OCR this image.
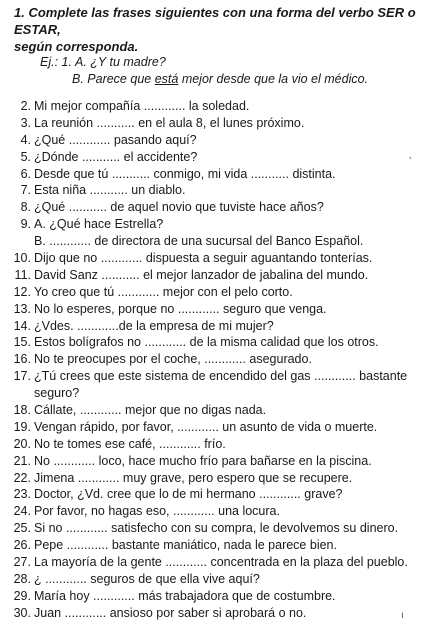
1. Complete las frases siguientes con una forma del verbo SER o ESTAR,
según corresponda.
Ej.: 1. A. ¿Y tu madre?
B. Parece que está mejor desde que la vio el médico.
2. Mi mejor compañía ............ la soledad.
3. La reunión ........... en el aula 8, el lunes próximo.
4. ¿Qué ............ pasando aquí?
5. ¿Dónde ........... el accidente?
6. Desde que tú ........... conmigo, mi vida ........... distinta.
7. Esta niña ........... un diablo.
8. ¿Qué ........... de aquel novio que tuviste hace años?
9. A. ¿Qué hace Estrella?
B. ............ de directora de una sucursal del Banco Español.
10. Dijo que no ............ dispuesta a seguir aguantando tonterías.
11. David Sanz ........... el mejor lanzador de jabalina del mundo.
12. Yo creo que tú ............ mejor con el pelo corto.
13. No lo esperes, porque no ............ seguro que venga.
14. ¿Vdes. ............de la empresa de mi mujer?
15. Estos bolígrafos no ............ de la misma calidad que los otros.
16. No te preocupes por el coche, ............ asegurado.
17. ¿Tú crees que este sistema de encendido del gas ............ bastante
seguro?
18. Cállate, ............ mejor que no digas nada.
19. Vengan rápido, por favor, ............ un asunto de vida o muerte.
20. No te tomes ese café, ............ frío.
21. No ............ loco, hace mucho frío para bañarse en la piscina.
22. Jimena ............ muy grave, pero espero que se recupere.
23. Doctor, ¿Vd. cree que lo de mi hermano ............ grave?
24. Por favor, no hagas eso, ............ una locura.
25. Si no ............ satisfecho con su compra, le devolvemos su dinero.
26. Pepe ............ bastante maniático, nada le parece bien.
27. La mayoría de la gente ............ concentrada en la plaza del pueblo.
28. ¿ ............ seguros de que ella vive aquí?
29. María hoy ............ más trabajadora que de costumbre.
30. Juan ............ ansioso por saber si aprobará o no.
’
ı
